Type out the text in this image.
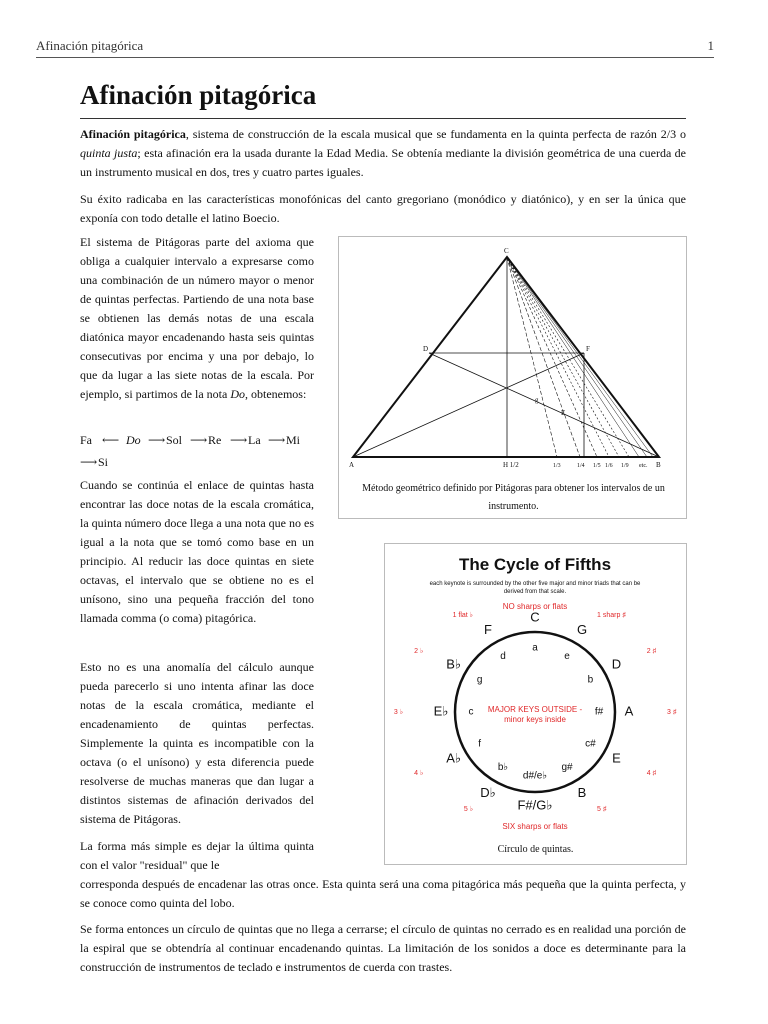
Afinación pitagórica	1
Afinación pitagórica

Afinación pitagórica, sistema de construcción de la escala musical que se fundamenta en la quinta perfecta de razón 2/3 o quinta justa; esta afinación era la usada durante la Edad Media. Se obtenía mediante la división geométrica de una cuerda de un instrumento musical en dos, tres y cuatro partes iguales.

Su éxito radicaba en las características monofónicas del canto gregoriano (monódico y diatónico), y en ser la única que exponía con todo detalle el latino Boecio.

El sistema de Pitágoras parte del axioma que obliga a cualquier intervalo a expresarse como una combinación de un número mayor o menor de quintas perfectas. Partiendo de una nota base se obtienen las demás notas de una escala diatónica mayor encadenando hasta seis quintas consecutivas por encima y una por debajo, lo que da lugar a las siete notas de la escala. Por ejemplo, si partimos de la nota Do, obtenemos:

Fa ⟵ Do ⟶ Sol ⟶ Re ⟶ La ⟶ Mi
⟶ Si

Cuando se continúa el enlace de quintas hasta encontrar las doce notas de la escala cromática, la quinta número doce llega a una nota que no es igual a la nota que se tomó como base en un principio. Al reducir las doce quintas en siete octavas, el intervalo que se obtiene no es el unísono, sino una pequeña fracción del tono llamada comma (o coma) pitagórica.

Esto no es una anomalía del cálculo aunque pueda parecerlo si uno intenta afinar las doce notas de la escala cromática, mediante el encadenamiento de quintas perfectas. Simplemente la quinta es incompatible con la octava (o el unísono) y esta diferencia puede resolverse de muchas maneras que dan lugar a distintos sistemas de afinación derivados del sistema de Pitágoras.

La forma más simple es dejar la última quinta con el valor "residual" que le

corresponda después de encadenar las otras once. Esta quinta será una coma pitagórica más pequeña que la quinta perfecta, y se conoce como quinta del lobo.

Se forma entonces un círculo de quintas que no llega a cerrarse; el círculo de quintas no cerrado es en realidad una porción de la espiral que se obtendría al continuar encadenando quintas. La limitación de los sonidos a doce es determinante para la construcción de instrumentos de teclado e instrumentos de cuerda con trastes.

C
D	F
A	B
H 1/2
E
g
1/3	1/4 1/5 1/6 1/9 etc.
Método geométrico definido por Pitágoras para obtener los intervalos de un instrumento.
The Cycle of Fifths
each keynote is surrounded by the other five major and minor triads that can be
derived from that scale.
NO sharps or flats
SIX sharps or flats
MAJOR KEYS OUTSIDE -
minor keys inside
C
G
D
A
E
B
F#/G♭
D♭
A♭
E♭
B♭
F
a
e
b
f#
c#
g#
d#/e♭
b♭
f
c
g
d
1 sharp ♯
2 ♯
3 ♯
4 ♯
5 ♯
5 ♭
4 ♭
3 ♭
2 ♭
1 flat ♭
Círculo de quintas.
